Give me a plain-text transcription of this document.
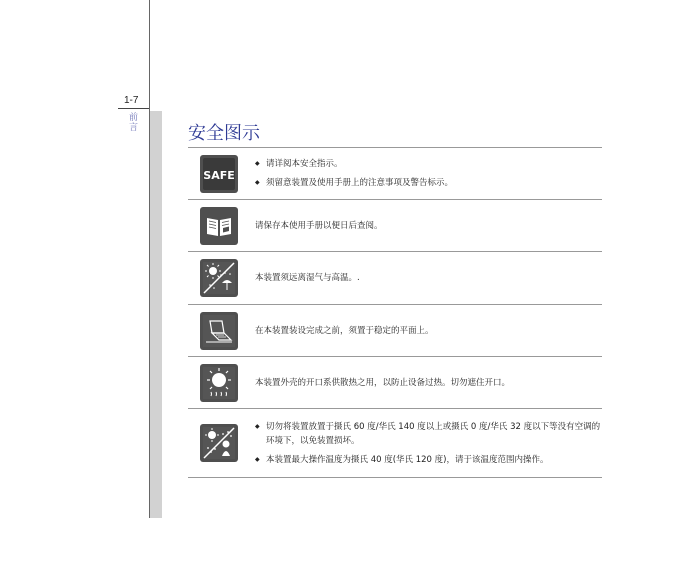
1-7
前
言	安全图示
SAFE
◆ 请详阅本安全指示。
◆ 须留意装置及使用手册上的注意事项及警告标示。
请保存本使用手册以便日后查阅。
本装置须远离湿气与高温。.
在本装置装设完成之前，须置于稳定的平面上。
本装置外壳的开口系供散热之用，以防止设备过热。切勿遮住开口。
◆ 切勿将装置放置于摄氏 60 度/华氏 140 度以上或摄氏 0 度/华氏 32 度以下等没有空调的环境下，以免装置损坏。
◆ 本装置最大操作温度为摄氏 40 度(华氏 120 度)，请于该温度范围内操作。
